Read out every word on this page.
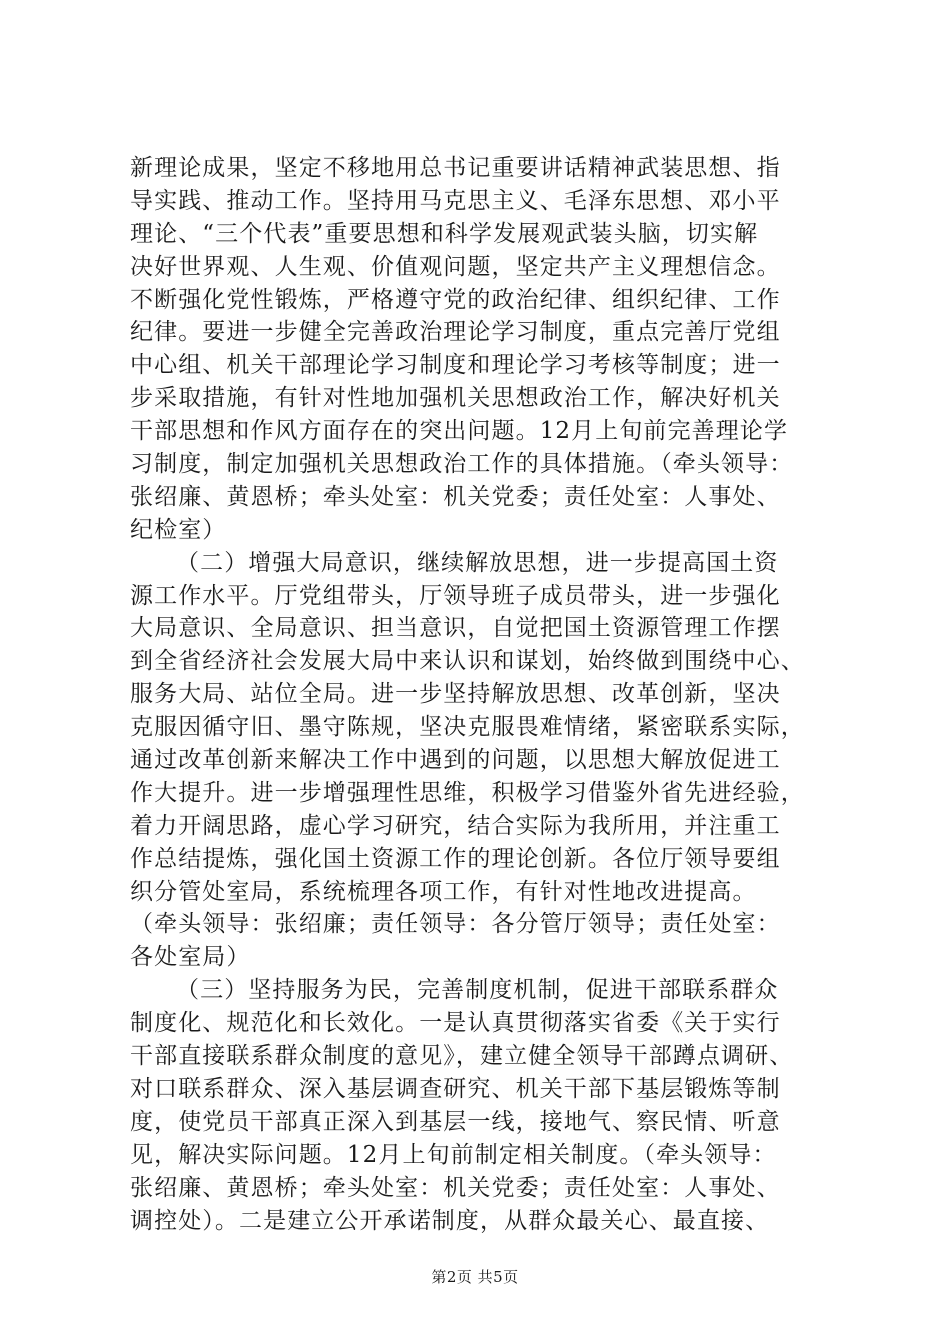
新理论成果，坚定不移地用总书记重要讲话精神武装思想、指
导实践、推动工作。坚持用马克思主义、毛泽东思想、邓小平
理论、“三个代表”重要思想和科学发展观武装头脑，切实解
决好世界观、人生观、价值观问题，坚定共产主义理想信念。
不断强化党性锻炼，严格遵守党的政治纪律、组织纪律、工作
纪律。要进一步健全完善政治理论学习制度，重点完善厅党组
中心组、机关干部理论学习制度和理论学习考核等制度；进一
步采取措施，有针对性地加强机关思想政治工作，解决好机关
干部思想和作风方面存在的突出问题。12月上旬前完善理论学
习制度，制定加强机关思想政治工作的具体措施。（牵头领导：
张绍廉、黄恩桥；牵头处室：机关党委；责任处室：人事处、
纪检室）
（二）增强大局意识，继续解放思想，进一步提高国土资
源工作水平。厅党组带头，厅领导班子成员带头，进一步强化
大局意识、全局意识、担当意识，自觉把国土资源管理工作摆
到全省经济社会发展大局中来认识和谋划，始终做到围绕中心、
服务大局、站位全局。进一步坚持解放思想、改革创新，坚决
克服因循守旧、墨守陈规，坚决克服畏难情绪，紧密联系实际，
通过改革创新来解决工作中遇到的问题，以思想大解放促进工
作大提升。进一步增强理性思维，积极学习借鉴外省先进经验，
着力开阔思路，虚心学习研究，结合实际为我所用，并注重工
作总结提炼，强化国土资源工作的理论创新。各位厅领导要组
织分管处室局，系统梳理各项工作，有针对性地改进提高。
（牵头领导：张绍廉；责任领导：各分管厅领导；责任处室：
各处室局）
（三）坚持服务为民，完善制度机制，促进干部联系群众
制度化、规范化和长效化。一是认真贯彻落实省委《关于实行
干部直接联系群众制度的意见》，建立健全领导干部蹲点调研、
对口联系群众、深入基层调查研究、机关干部下基层锻炼等制
度，使党员干部真正深入到基层一线，接地气、察民情、听意
见，解决实际问题。12月上旬前制定相关制度。（牵头领导：
张绍廉、黄恩桥；牵头处室：机关党委；责任处室：人事处、
调控处）。二是建立公开承诺制度，从群众最关心、最直接、
第2页 共5页
